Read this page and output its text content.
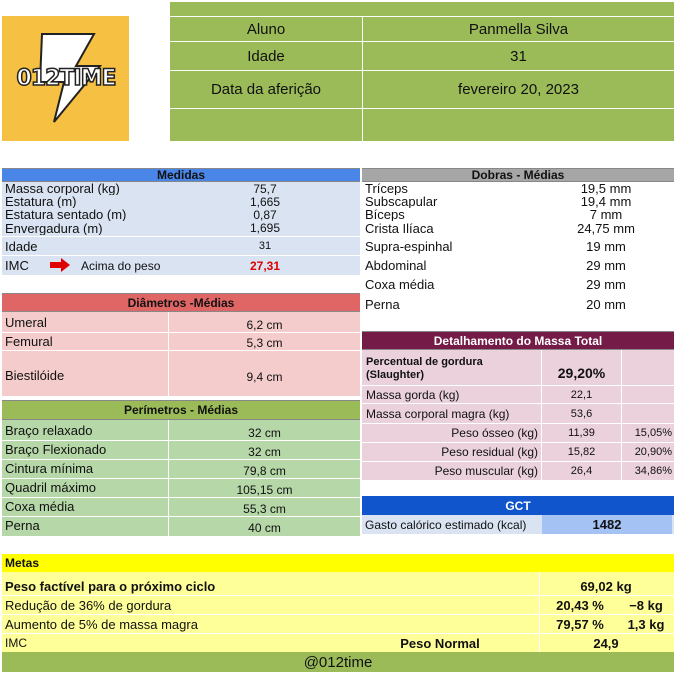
012TIME
Aluno	Panmella Silva
Idade	31
Data da aferição	fevereiro 20, 2023
Medidas
Massa corporal (kg)	75,7
Estatura (m)	1,665
Estatura sentado (m)	0,87
Envergadura (m)	1,695
Idade	31
IMC	Acima do peso	27,31
Dobras - Médias
Tríceps	19,5 mm
Subscapular	19,4 mm
Bíceps	7 mm
Crista Ilíaca	24,75 mm
Supra-espinhal	19 mm
Abdominal	29 mm
Coxa média	29 mm
Perna	20 mm
Diâmetros -Médias
Umeral	6,2 cm
Femural	5,3 cm
Biestilóide	9,4 cm
Detalhamento do Massa Total
Percentual de gordura (Slaughter)	29,20%
Massa gorda (kg)	22,1
Massa corporal magra (kg)	53,6
Peso ósseo (kg)	11,39	15,05%
Peso residual (kg)	15,82	20,90%
Peso muscular (kg)	26,4	34,86%
Perímetros - Médias
Braço relaxado	32 cm
Braço Flexionado	32 cm
Cintura mínima	79,8 cm
Quadril máximo	105,15 cm
Coxa média	55,3 cm
Perna	40 cm
GCT
Gasto calórico estimado (kcal)	1482
Metas
Peso factível para o próximo ciclo	69,02 kg
Redução de 36% de gordura	20,43 %	−8 kg
Aumento de 5% de massa magra	79,57 %	1,3 kg
IMC	Peso Normal	24,9
@012time
